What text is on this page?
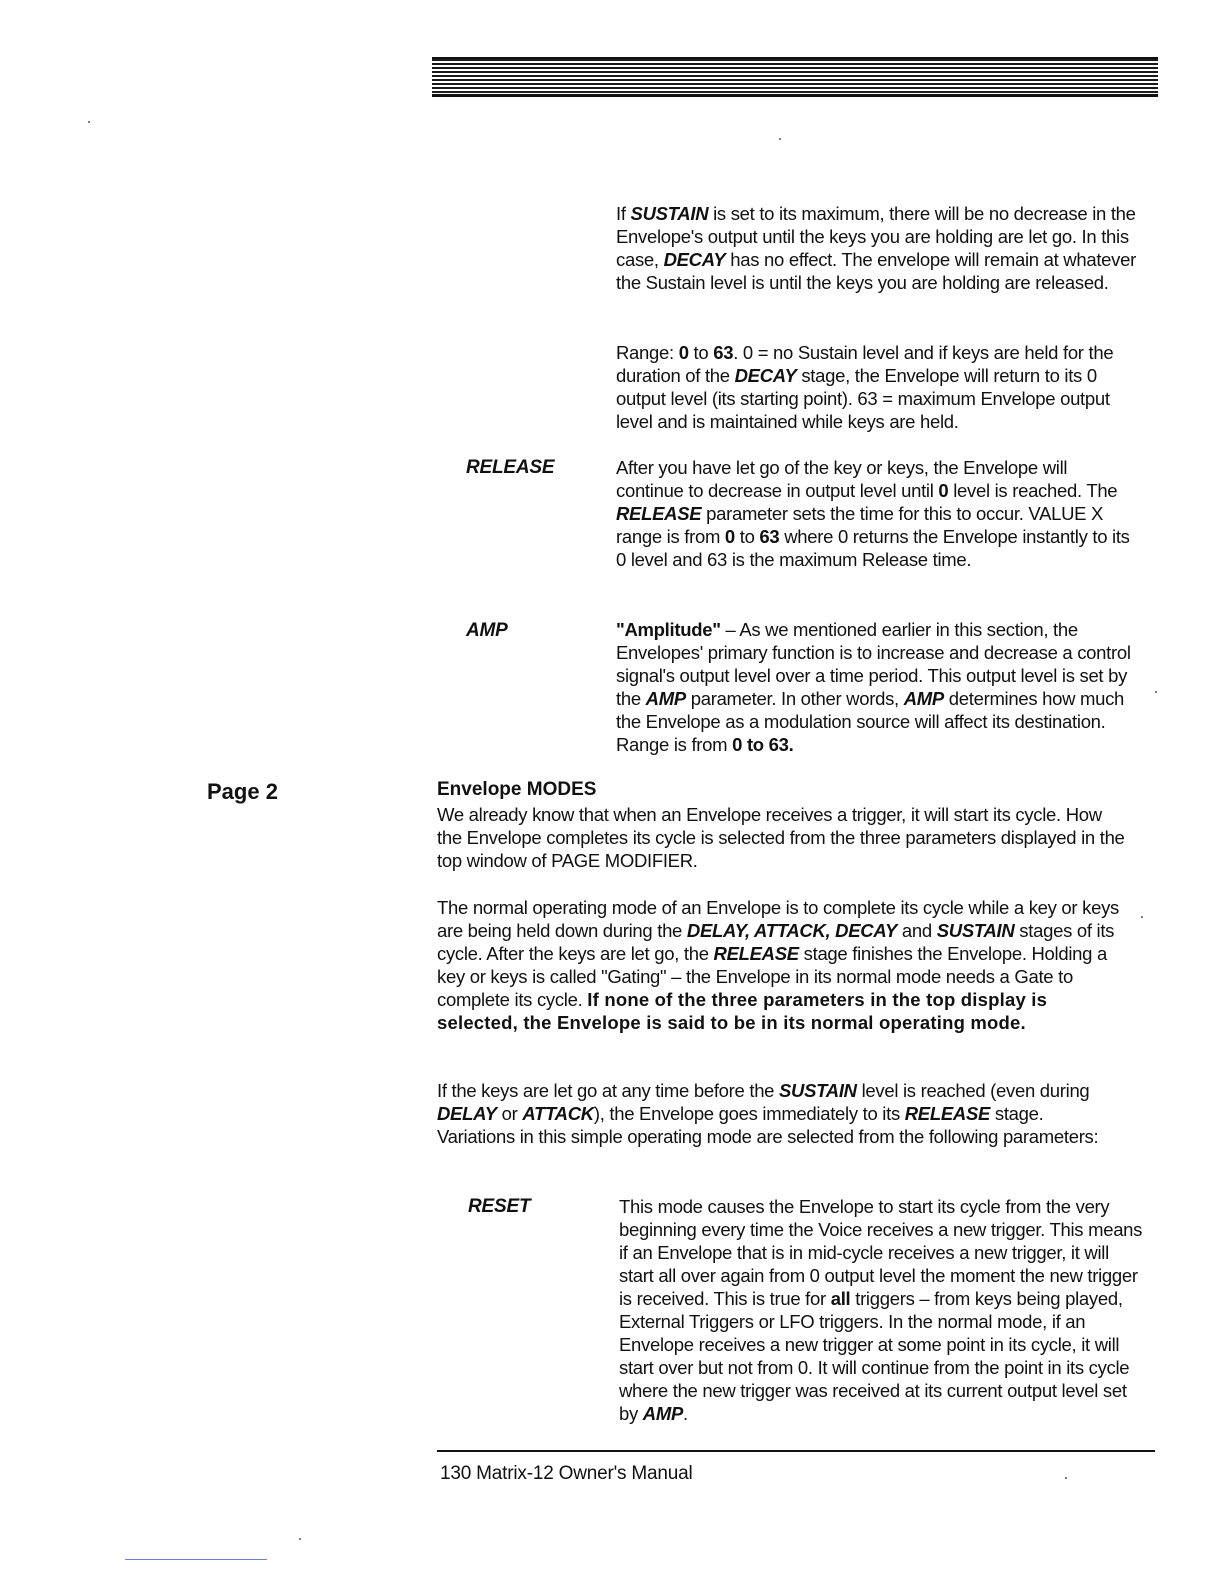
If SUSTAIN is set to its maximum, there will be no decrease in the Envelope's output until the keys you are holding are let go. In this case, DECAY has no effect. The envelope will remain at whatever the Sustain level is until the keys you are holding are released.

Range: 0 to 63. 0 = no Sustain level and if keys are held for the duration of the DECAY stage, the Envelope will return to its 0 output level (its starting point). 63 = maximum Envelope output level and is maintained while keys are held.

RELEASE	After you have let go of the key or keys, the Envelope will continue to decrease in output level until 0 level is reached. The RELEASE parameter sets the time for this to occur. VALUE X range is from 0 to 63 where 0 returns the Envelope instantly to its 0 level and 63 is the maximum Release time.

AMP	"Amplitude" – As we mentioned earlier in this section, the Envelopes' primary function is to increase and decrease a control signal's output level over a time period. This output level is set by the AMP parameter. In other words, AMP determines how much the Envelope as a modulation source will affect its destination. Range is from 0 to 63.

Page 2	Envelope MODES

We already know that when an Envelope receives a trigger, it will start its cycle. How the Envelope completes its cycle is selected from the three parameters displayed in the top window of PAGE MODIFIER.

The normal operating mode of an Envelope is to complete its cycle while a key or keys are being held down during the DELAY, ATTACK, DECAY and SUSTAIN stages of its cycle. After the keys are let go, the RELEASE stage finishes the Envelope. Holding a key or keys is called "Gating" – the Envelope in its normal mode needs a Gate to complete its cycle. If none of the three parameters in the top display is selected, the Envelope is said to be in its normal operating mode.

If the keys are let go at any time before the SUSTAIN level is reached (even during DELAY or ATTACK), the Envelope goes immediately to its RELEASE stage. Variations in this simple operating mode are selected from the following parameters:

RESET	This mode causes the Envelope to start its cycle from the very beginning every time the Voice receives a new trigger. This means if an Envelope that is in mid-cycle receives a new trigger, it will start all over again from 0 output level the moment the new trigger is received. This is true for all triggers – from keys being played, External Triggers or LFO triggers. In the normal mode, if an Envelope receives a new trigger at some point in its cycle, it will start over but not from 0. It will continue from the point in its cycle where the new trigger was received at its current output level set by AMP.

130 Matrix-12 Owner's Manual
